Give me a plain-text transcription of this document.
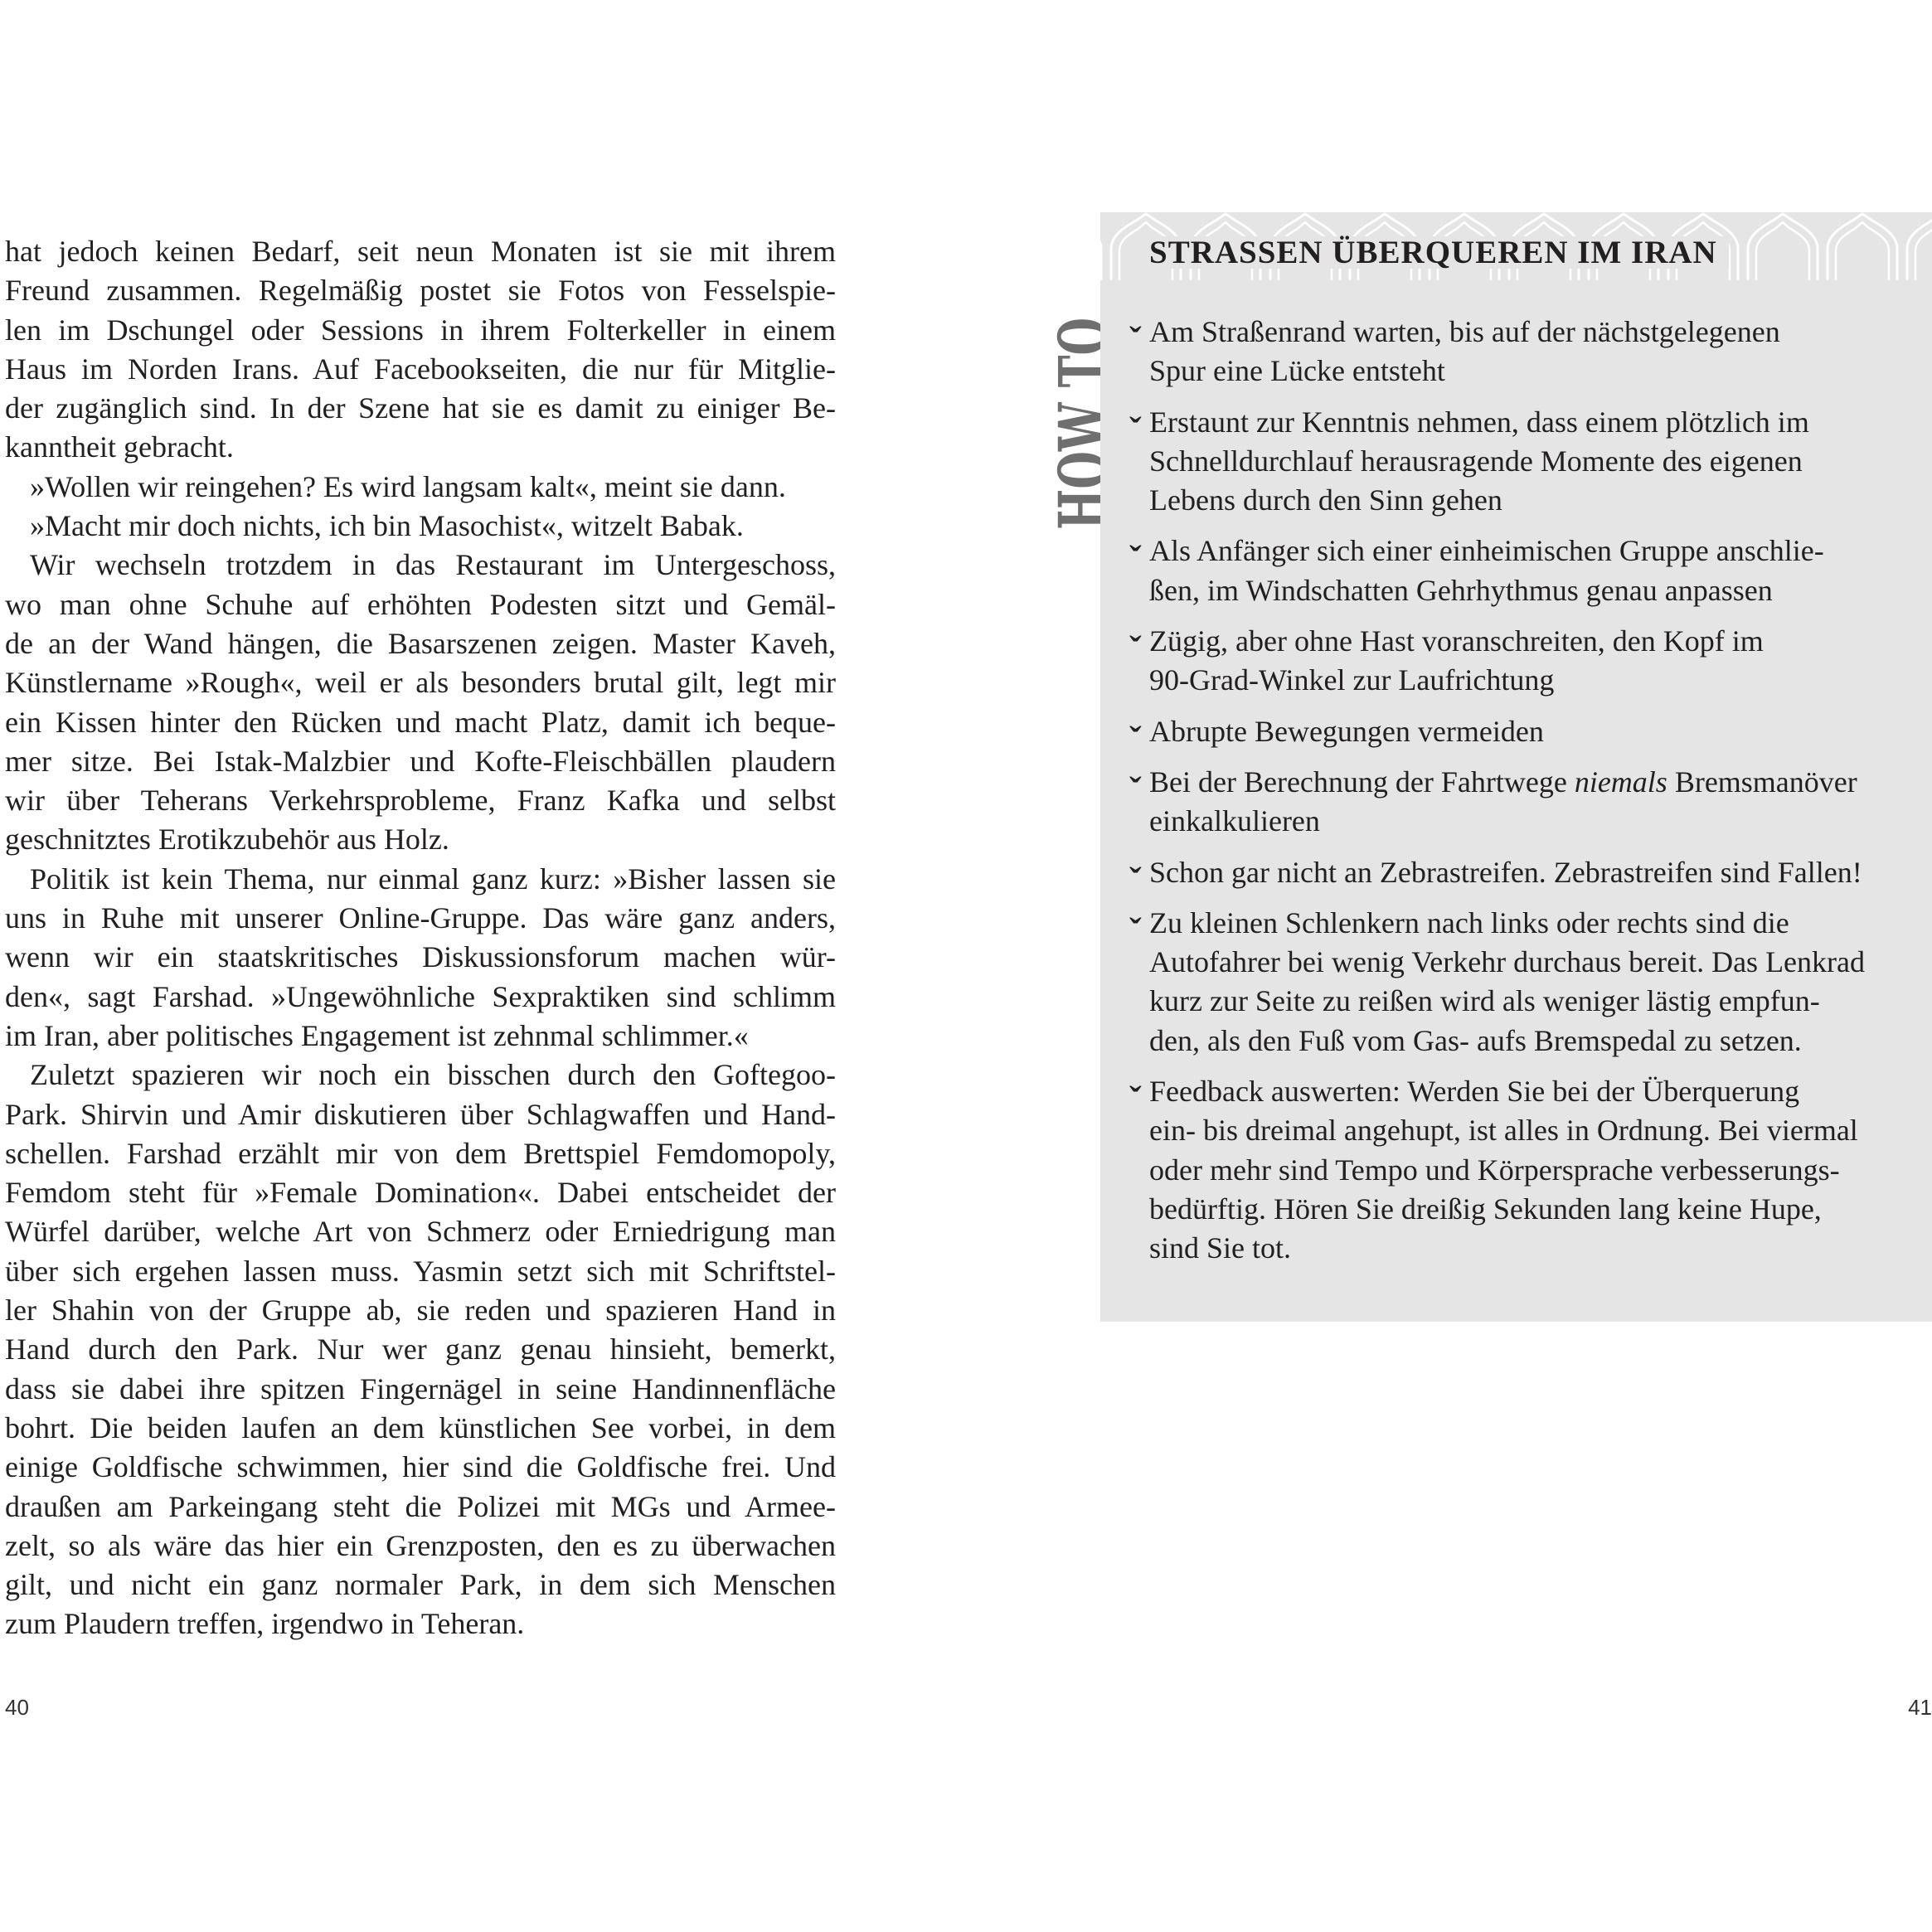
hat jedoch keinen Bedarf, seit neun Monaten ist sie mit ihrem
Freund zusammen. Regelmäßig postet sie Fotos von Fesselspie-
len im Dschungel oder Sessions in ihrem Folterkeller in einem
Haus im Norden Irans. Auf Facebookseiten, die nur für Mitglie-
der zugänglich sind. In der Szene hat sie es damit zu einiger Be-
kanntheit gebracht.
»Wollen wir reingehen? Es wird langsam kalt«, meint sie dann.
»Macht mir doch nichts, ich bin Masochist«, witzelt Babak.
Wir wechseln trotzdem in das Restaurant im Untergeschoss,
wo man ohne Schuhe auf erhöhten Podesten sitzt und Gemäl-
de an der Wand hängen, die Basarszenen zeigen. Master Kaveh,
Künstlername »Rough«, weil er als besonders brutal gilt, legt mir
ein Kissen hinter den Rücken und macht Platz, damit ich beque-
mer sitze. Bei Istak-Malzbier und Kofte-Fleischbällen plaudern
wir über Teherans Verkehrsprobleme, Franz Kafka und selbst
geschnitztes Erotikzubehör aus Holz.
Politik ist kein Thema, nur einmal ganz kurz: »Bisher lassen sie
uns in Ruhe mit unserer Online-Gruppe. Das wäre ganz anders,
wenn wir ein staatskritisches Diskussionsforum machen wür-
den«, sagt Farshad. »Ungewöhnliche Sexpraktiken sind schlimm
im Iran, aber politisches Engagement ist zehnmal schlimmer.«
Zuletzt spazieren wir noch ein bisschen durch den Goftegoo-
Park. Shirvin und Amir diskutieren über Schlagwaffen und Hand-
schellen. Farshad erzählt mir von dem Brettspiel Femdomopoly,
Femdom steht für »Female Domination«. Dabei entscheidet der
Würfel darüber, welche Art von Schmerz oder Erniedrigung man
über sich ergehen lassen muss. Yasmin setzt sich mit Schriftstel-
ler Shahin von der Gruppe ab, sie reden und spazieren Hand in
Hand durch den Park. Nur wer ganz genau hinsieht, bemerkt,
dass sie dabei ihre spitzen Fingernägel in seine Handinnenfläche
bohrt. Die beiden laufen an dem künstlichen See vorbei, in dem
einige Goldfische schwimmen, hier sind die Goldfische frei. Und
draußen am Parkeingang steht die Polizei mit MGs und Armee-
zelt, so als wäre das hier ein Grenzposten, den es zu überwachen
gilt, und nicht ein ganz normaler Park, in dem sich Menschen
zum Plaudern treffen, irgendwo in Teheran.
40
HOW TO STRASSEN ÜBERQUEREN IM IRAN
ˇ Am Straßenrand warten, bis auf der nächstgelegenen
Spur eine Lücke entsteht
ˇ Erstaunt zur Kenntnis nehmen, dass einem plötzlich im
Schnelldurchlauf herausragende Momente des eigenen
Lebens durch den Sinn gehen
ˇ Als Anfänger sich einer einheimischen Gruppe anschlie-
ßen, im Windschatten Gehrhythmus genau anpassen
ˇ Zügig, aber ohne Hast voranschreiten, den Kopf im
90-Grad-Winkel zur Laufrichtung
ˇ Abrupte Bewegungen vermeiden
ˇ Bei der Berechnung der Fahrtwege niemals Bremsmanöver
einkalkulieren
ˇ Schon gar nicht an Zebrastreifen. Zebrastreifen sind Fallen!
ˇ Zu kleinen Schlenkern nach links oder rechts sind die
Autofahrer bei wenig Verkehr durchaus bereit. Das Lenkrad
kurz zur Seite zu reißen wird als weniger lästig empfun-
den, als den Fuß vom Gas- aufs Bremspedal zu setzen.
ˇ Feedback auswerten: Werden Sie bei der Überquerung
ein- bis dreimal angehupt, ist alles in Ordnung. Bei viermal
oder mehr sind Tempo und Körpersprache verbesserungs-
bedürftig. Hören Sie dreißig Sekunden lang keine Hupe,
sind Sie tot.
41
